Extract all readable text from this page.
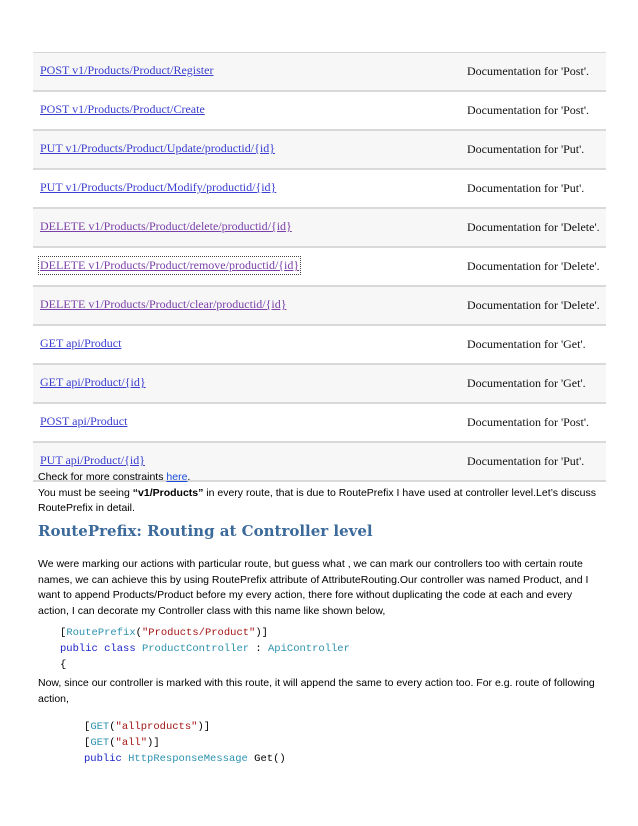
POST v1/Products/Product/Register	Documentation for 'Post'.
POST v1/Products/Product/Create	Documentation for 'Post'.
PUT v1/Products/Product/Update/productid/{id}	Documentation for 'Put'.
PUT v1/Products/Product/Modify/productid/{id}	Documentation for 'Put'.
DELETE v1/Products/Product/delete/productid/{id}	Documentation for 'Delete'.
DELETE v1/Products/Product/remove/productid/{id}	Documentation for 'Delete'.
DELETE v1/Products/Product/clear/productid/{id}	Documentation for 'Delete'.
GET api/Product	Documentation for 'Get'.
GET api/Product/{id}	Documentation for 'Get'.
POST api/Product	Documentation for 'Post'.
PUT api/Product/{id}	Documentation for 'Put'.
Check for more constraints here.
You must be seeing “v1/Products” in every route, that is due to RoutePrefix I have used at controller level.Let’s discuss RoutePrefix in detail.
RoutePrefix: Routing at Controller level
We were marking our actions with particular route, but guess what , we can mark our controllers too with certain route names, we can achieve this by using RoutePrefix attribute of AttributeRouting.Our controller was named Product, and I want to append Products/Product before my every action, there fore without duplicating the code at each and every action, I can decorate my Controller class with this name like shown below,
[RoutePrefix("Products/Product")]
public class ProductController : ApiController
{
Now, since our controller is marked with this route, it will append the same to every action too. For e.g. route of following action,
[GET("allproducts")]
[GET("all")]
public HttpResponseMessage Get()
